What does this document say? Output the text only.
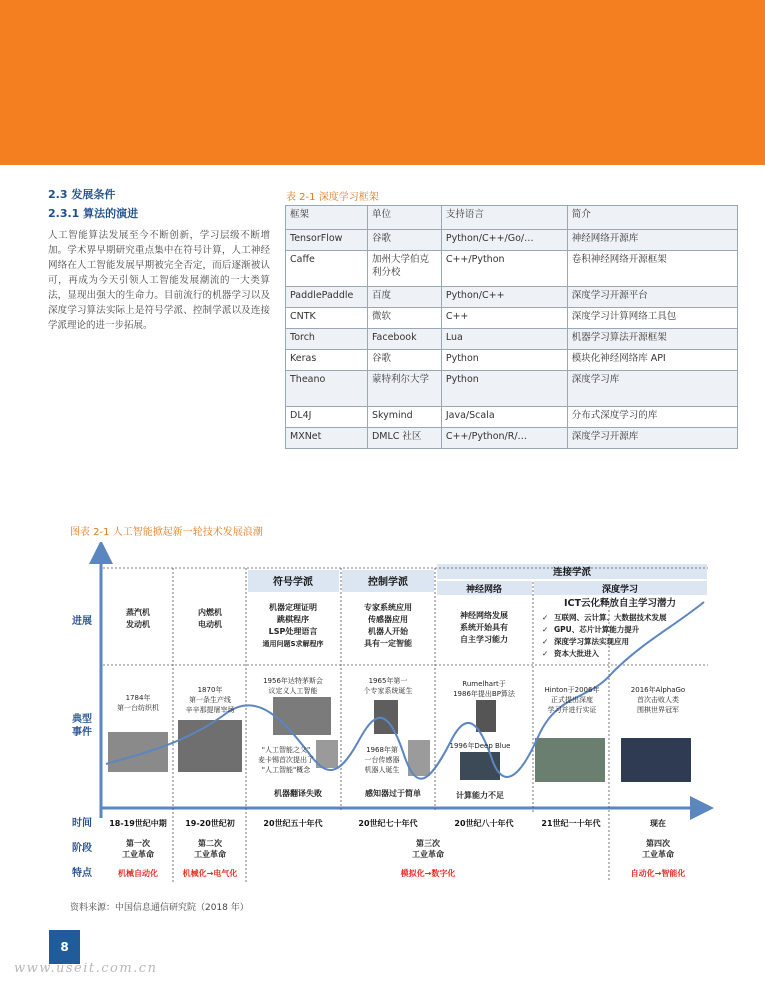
2.3 发展条件
2.3.1 算法的演进

人工智能算法发展至今不断创新，学习层级不断增加。学术界早期研究重点集中在符号计算，人工神经网络在人工智能发展早期被完全否定，而后逐渐被认可，再成为今天引领人工智能发展潮流的一大类算法，显现出强大的生命力。目前流行的机器学习以及深度学习算法实际上是符号学派、控制学派以及连接学派理论的进一步拓展。

表 2-1 深度学习框架
框架	单位	支持语言	简介
TensorFlow	谷歌	Python/C++/Go/…	神经网络开源库
Caffe	加州大学伯克利分校	C++/Python	卷积神经网络开源框架
PaddlePaddle	百度	Python/C++	深度学习开源平台
CNTK	微软	C++	深度学习计算网络工具包
Torch	Facebook	Lua	机器学习算法开源框架
Keras	谷歌	Python	模块化神经网络库 API
Theano	蒙特利尔大学	Python	深度学习库
DL4J	Skymind	Java/Scala	分布式深度学习的库
MXNet	DMLC 社区	C++/Python/R/…	深度学习开源库
图表 2-1 人工智能掀起新一轮技术发展浪潮
进展
典型
事件
时间
阶段
特点
符号学派	控制学派
连接学派
神经网络	深度学习
蒸汽机
发动机
内燃机
电动机
机器定理证明
跳棋程序
LSP处理语言
通用问题S求解程序
专家系统应用
传感器应用
机器人开始
具有一定智能
神经网络发展
系统开始具有
自主学习能力
ICT云化释放自主学习潜力
✓ 互联网、云计算、大数据技术发展
✓ GPU、芯片计算能力提升
✓ 深度学习算法实现应用
✓ 资本大批进入
1784年
第一台纺织机
1870年
第一条生产线
辛辛那提屠宰场
1956年达特茅斯会
议定义人工智能
1965年第一
个专家系统诞生
Rumelhart于
1986年提出BP算法	Hinton于2006年
正式提出深度
学习并进行实证
2016年AlphaGo
首次击败人类
围棋世界冠军
"人工智能之父"
麦卡锡首次提出了
"人工智能"概念
1968年第
一台传感器
机器人诞生
1996年Deep Blue
机器翻译失败	感知器过于简单	计算能力不足
18-19世纪中期 19-20世纪初	20世纪五十年代	20世纪七十年代	20世纪八十年代	21世纪一十年代	现在
第一次
工业革命
第二次
工业革命
第三次
工业革命
第四次
工业革命
机械自动化	机械化→电气化	模拟化→数字化	自动化→智能化
资料来源：中国信息通信研究院（2018 年）
8
www.useit.com.cn
